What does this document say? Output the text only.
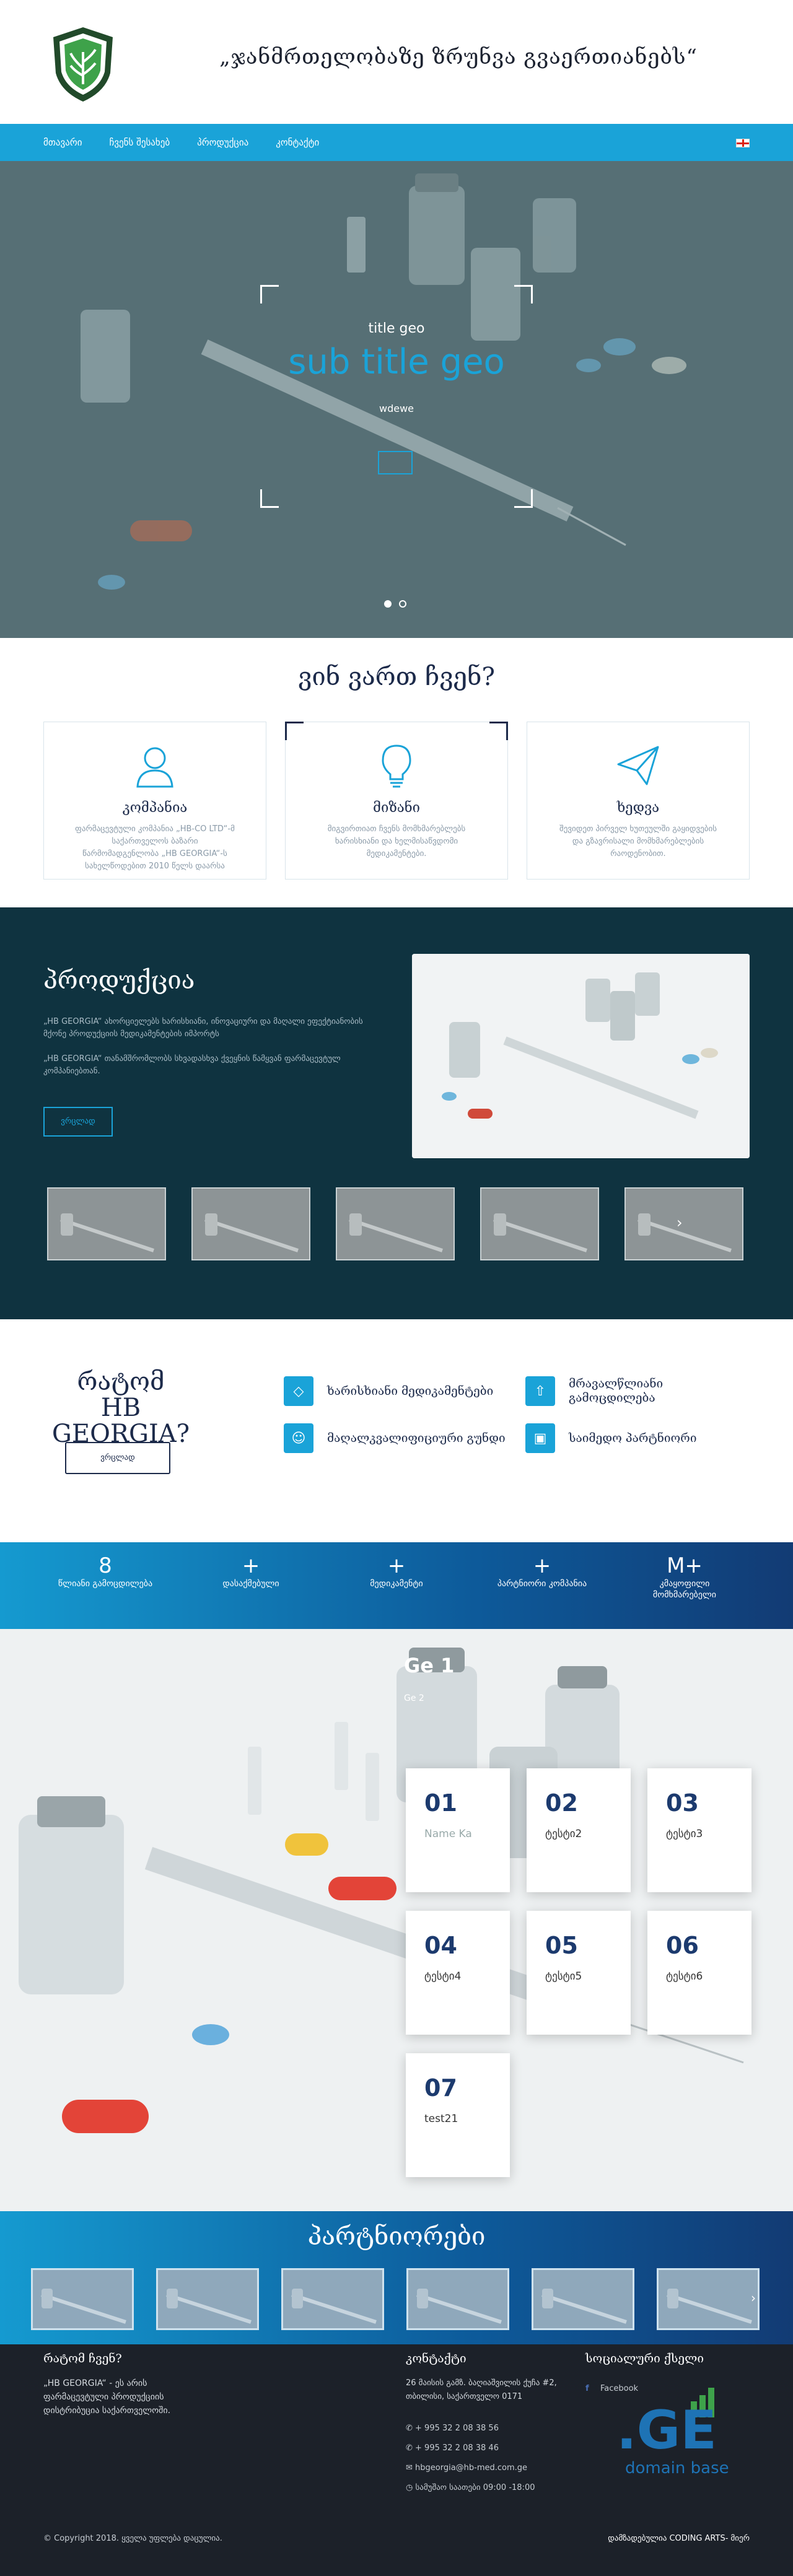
„ჯანმრთელობაზე ზრუნვა გვაერთიანებს“
მთავარი	ჩვენს შესახებ	პროდუქცია	კონტაქტი
title geo
sub title geo
wdewe
ვინ ვართ ჩვენ?
კომპანია

ფარმაცევტული კომპანია „HB-CO LTD“-მ საქართველოს ბაზარი წარმომადგენლობა „HB GEORGIA“-ს სახელწოდებით 2010 წელს დაარსა

მიზანი

მიგვირთიათ ჩვენს მომხმარებლებს ხარისხიანი და ხელმისაწვდომი მედიკამენტები.

ხედვა

შევიდეთ პირველ ხუთეულში გაყიდვების და გზავრისალი მომხმარებლების რაოდენობით.

პროდუქცია
„HB GEORGIA“ ახორციელებს ხარისხიანი, ინოვაციური და მაღალი ეფექტიანობის მქონე პროდუქციის მედიკამენტების იმპორტს
„HB GEORGIA“ თანამშრომლობს სხვადასხვა ქვეყნის წამყვან ფარმაცევტულ კომპანიებთან.
ვრცლად
›
რატომ
HB GEORGIA?
ვრცლად
◇	ხარისხიანი მედიკამენტები	⇧	მრავალწლიანი გამოცდილება
☺	მაღალკვალიფიციური გუნდი	▣	საიმედო პარტნიორი
8
წლიანი გამოცდილება
+
დასაქმებული
+
მედიკამენტი
+
პარტნიორი კომპანია
M+
კმაყოფილი მომხმარებელი
Ge 1
Ge 2
01
Name Ka
02
ტესტი2
03
ტესტი3
04
ტესტი4
05
ტესტი5
06
ტესტი6
07
test21
პარტნიორები
›
რატომ ჩვენ?
„HB GEORGIA“ - ეს არის ფარმაცევტული პროდუქციის დისტრიბუცია საქართველოში.
კონტაქტი
26 მაისის გამზ. ბაღიაშვილის ქუჩა #2, თბილისი, საქართველო 0171
✆ + 995 32 2 08 38 56
✆ + 995 32 2 08 38 46
✉ hbgeorgia@hb-med.com.ge
◷ სამუშაო საათები 09:00 -18:00
სოციალური ქსელი
f Facebook
.GE
domain base
© Copyright 2018. ყველა უფლება დაცულია.	დამზადებულია CODING ARTS- მიერ
